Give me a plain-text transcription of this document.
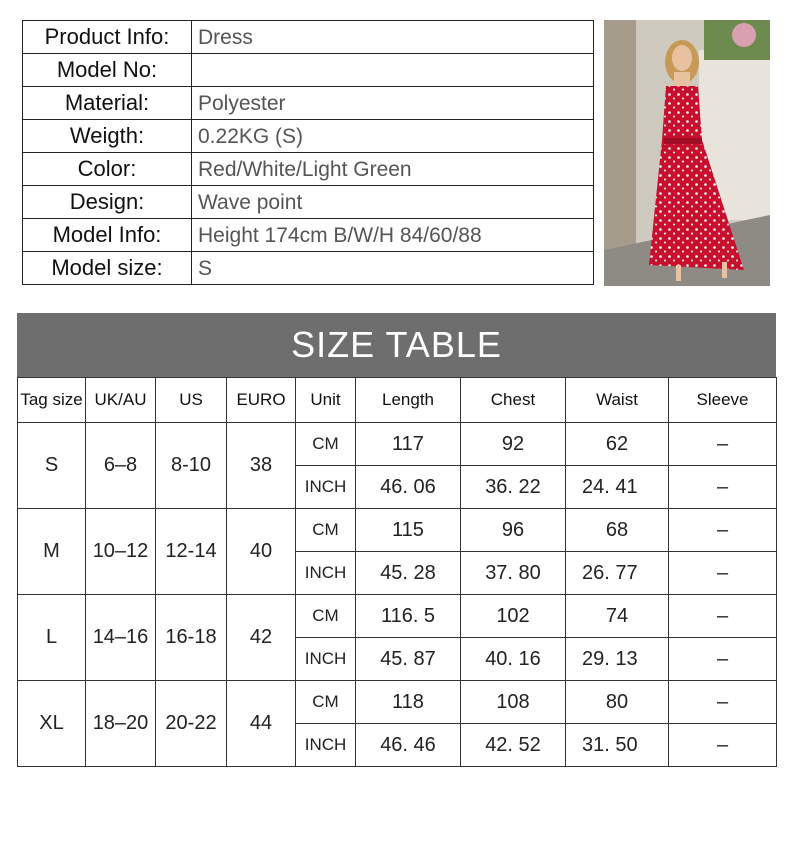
Product Info:	Dress
Model No:	
Material:	Polyester
Weigth:	0.22KG (S)
Color:	Red/White/Light Green
Design:	Wave point
Model Info:	Height 174cm B/W/H 84/60/88
Model size:	S
SIZE TABLE
Tag size	UK/AU	US	EURO	Unit	Length	Chest	Waist	Sleeve
S	6–8	8-10	38	CM	117	92	62	–
				INCH	46. 06	36. 22	24. 41	–
M	10–12	12-14	40	CM	115	96	68	–
				INCH	45. 28	37. 80	26. 77	–
L	14–16	16-18	42	CM	116. 5	102	74	–
				INCH	45. 87	40. 16	29. 13	–
XL	18–20	20-22	44	CM	118	108	80	–
				INCH	46. 46	42. 52	31. 50	–
